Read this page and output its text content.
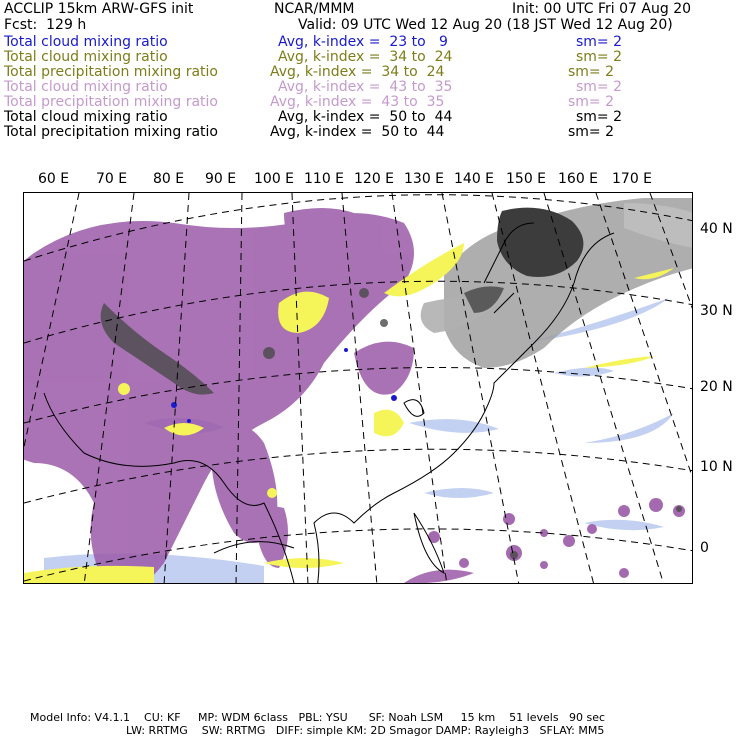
ACCLIP 15km ARW-GFS init	NCAR/MMM	Init: 00 UTC Fri 07 Aug 20
Fcst:  129 h	Valid: 09 UTC Wed 12 Aug 20 (18 JST Wed 12 Aug 20)
Total cloud mixing ratio	Avg, k-index =  23 to   9	sm= 2
Total cloud mixing ratio	Avg, k-index =  34 to  24	sm= 2
Total precipitation mixing ratio	Avg, k-index =  34 to  24	sm= 2
Total cloud mixing ratio	Avg, k-index =  43 to  35	sm= 2
Total precipitation mixing ratio	Avg, k-index =  43 to  35	sm= 2
Total cloud mixing ratio	Avg, k-index =  50 to  44	sm= 2
Total precipitation mixing ratio	Avg, k-index =  50 to  44	sm= 2
60 E 70 E 80 E 90 E 100 E 110 E 120 E 130 E 140 E 150 E 160 E 170 E
40 N
30 N
20 N
10 N
0
Model Info: V4.1.1    CU: KF     MP: WDM 6class   PBL: YSU      SF: Noah LSM     15 km    51 levels   90 sec
LW: RRTMG    SW: RRTMG   DIFF: simple KM: 2D Smagor DAMP: Rayleigh3   SFLAY: MM5
